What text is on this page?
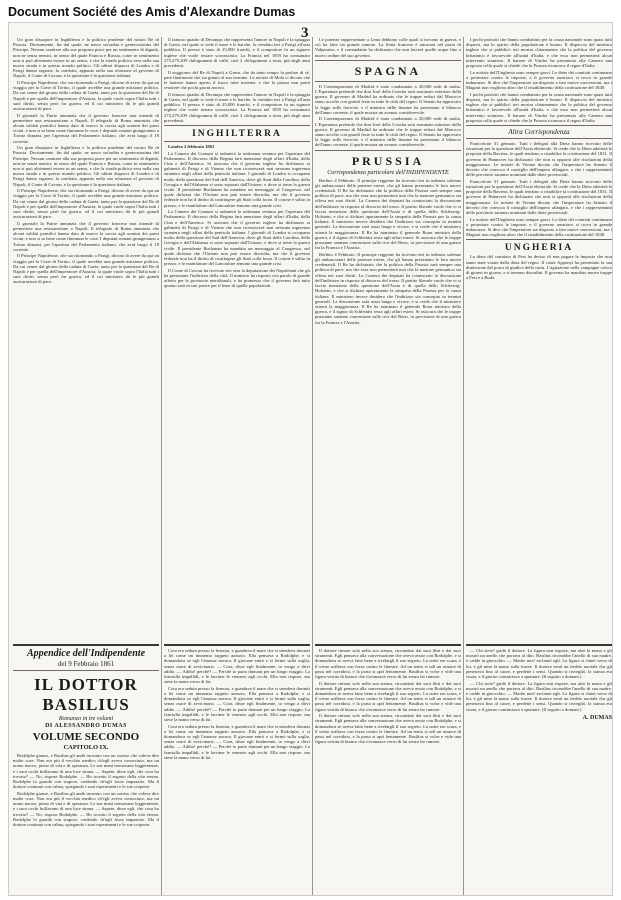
Document Société des Amis d'Alexandre Dumas
3

Un gran dissapore in Inghilterra e la politica prudente del nostro Re di Prussia. Decisamente, fin dal quale, ne nasce un'ardita e generosissima del Principe. Nessun carattere alla sua proposta piace per un sentimento di dignità, non ne senza nemici, in senso del quale Francia e Russia, come in sentimento non si può altrimenti essere in un senso, e che la strada politica vera nella sua nuova strada e in questo mondo politico. Gli ultimi dispacci di Londra e di Parigi danno ragione, la condotta, appunto nella sua relazione al governo di Napoli, il Conte di Cavour, e la questione è la questione italiana.

Il Principe Napoleone, che sta ritornando a Parigi, dicono di avere da qui un viaggio per la Corte di Torino, il quale avrebbe una grande missione politica. Da cui venne dal giorno della caduta di Gaeta, tanto per la questione del Re di Napoli e per quella dell'imperatore d'Austria, la quale vuole sopra l'Italia tutti i suoi diritti, senza però far guerra, ed il cui ministero dà le più grandi assicurazioni di pace.

Il giornale la Patrie annunzia che il governo francese non intende di permettere una restaurazione a Napoli. Il telegrafo di Roma annunzia che alcuni soldati pontifici hanno dato di nuovo la caccia agli uomini dei paesi vicini, e non si sa bene come finiranno le cose. I deputati romani giungeranno a Torino domani, per l'apertura del Parlamento italiano, che avrà luogo il 18 corrente.

Un gran dissapore in Inghilterra e la politica prudente del nostro Re di Prussia. Decisamente, fin dal quale, ne nasce un'ardita e generosissima del Principe. Nessun carattere alla sua proposta piace per un sentimento di dignità, non ne senza nemici, in senso del quale Francia e Russia, come in sentimento non si può altrimenti essere in un senso, e che la strada politica vera nella sua nuova strada e in questo mondo politico. Gli ultimi dispacci di Londra e di Parigi danno ragione, la condotta, appunto nella sua relazione al governo di Napoli, il Conte di Cavour, e la questione è la questione italiana.

Il Principe Napoleone, che sta ritornando a Parigi, dicono di avere da qui un viaggio per la Corte di Torino, il quale avrebbe una grande missione politica. Da cui venne dal giorno della caduta di Gaeta, tanto per la questione del Re di Napoli e per quella dell'imperatore d'Austria, la quale vuole sopra l'Italia tutti i suoi diritti, senza però far guerra, ed il cui ministero dà le più grandi assicurazioni di pace.

Il giornale la Patrie annunzia che il governo francese non intende di permettere una restaurazione a Napoli. Il telegrafo di Roma annunzia che alcuni soldati pontifici hanno dato di nuovo la caccia agli uomini dei paesi vicini, e non si sa bene come finiranno le cose. I deputati romani giungeranno a Torino domani, per l'apertura del Parlamento italiano, che avrà luogo il 18 corrente.

Il Principe Napoleone, che sta ritornando a Parigi, dicono di avere da qui un viaggio per la Corte di Torino, il quale avrebbe una grande missione politica. Da cui venne dal giorno della caduta di Gaeta, tanto per la questione del Re di Napoli e per quella dell'imperatore d'Austria, la quale vuole sopra l'Italia tutti i suoi diritti, senza però far guerra, ed il cui ministero dà le più grandi assicurazioni di pace.

Appendice dell'Indipendente
del 9 Febbraio 1861
IL DOTTOR BASILIUS
Romanzo in tre volumi
DI ALESSANDRO DUMAS
VOLUME SECONDO
CAPITOLO IX.

Rodolphe giunse, e Basilius gli andò incontro con un sorriso che voleva dire molte cose. Non era più il vecchio medico ch'egli aveva conosciuto, ma un uomo nuovo, pieno di vita e di speranza. Le sue mani tremavano leggermente, e i suoi occhi brillavano di una luce strana. — Sapete, disse egli, che cosa ho trovato? — No, rispose Rodolphe. — Ho trovato il segreto della vita eterna. Rodolphe lo guardò con stupore, credendo ch'egli fosse impazzito. Ma il dottore continuò con calma, spiegando i suoi esperimenti e le sue scoperte.

Rodolphe giunse, e Basilius gli andò incontro con un sorriso che voleva dire molte cose. Non era più il vecchio medico ch'egli aveva conosciuto, ma un uomo nuovo, pieno di vita e di speranza. Le sue mani tremavano leggermente, e i suoi occhi brillavano di una luce strana. — Sapete, disse egli, che cosa ho trovato? — No, rispose Rodolphe. — Ho trovato il segreto della vita eterna. Rodolphe lo guardò con stupore, credendo ch'egli fosse impazzito. Ma il dottore continuò con calma, spiegando i suoi esperimenti e le sue scoperte.

Il famoso quadro di Decamps che rappresenta l'amore in Napoli e la spiaggia di Gaeta, nel quale si vede il mare e le barche, fu venduto ieri a Parigi all'asta pubblica. Il prezzo è stato di 25,000 franchi, e il compratore fu un signore inglese che vuole restare sconosciuto. La Francia nel 1859 ha consumato 275,279,209 chilogrammi di caffè, cioè 2 chilogrammi a testa, più degli anni precedenti.

Il soggiorno del Re di Napoli a Gaeta, che da tanto tempo fa parlare di sé, pare finalmente che sia giunto al suo termine. Le notizie di Mola ci dicono che le batterie hanno aperto il fuoco tutte insieme, e che la piazza non potrà resistere che pochi giorni ancora.

Il famoso quadro di Decamps che rappresenta l'amore in Napoli e la spiaggia di Gaeta, nel quale si vede il mare e le barche, fu venduto ieri a Parigi all'asta pubblica. Il prezzo è stato di 25,000 franchi, e il compratore fu un signore inglese che vuole restare sconosciuto. La Francia nel 1859 ha consumato 275,279,209 chilogrammi di caffè, cioè 2 chilogrammi a testa, più degli anni precedenti.

INGHILTERRA

Londra 2 febbraio 1861

La Camera dei Comuni si radunerà la settimana ventura per l'apertura del Parlamento. Il discorso della Regina farà menzione degli affari d'Italia, della Cina e dell'America. Si assicura che il governo inglese ha dichiarato ai gabinetti di Parigi e di Vienna che non riconoscerà mai nessuna ingerenza straniera negli affari della penisola italiana. I giornali di Londra si occupano molto della questione del Sud dell'America, dove gli Stati della Carolina, della Georgia e dell'Alabama si sono separati dall'Unione, e dove si teme la guerra civile. Il presidente Buchanan ha mandato un messaggio al Congresso, nel quale dichiara che l'Unione non può essere disciolta, ma che il governo federale non ha il diritto di costringere gli Stati colla forza. Il cotone è salito in prezzo, e le manifatture del Lancashire temono una grande crisi.

La Camera dei Comuni si radunerà la settimana ventura per l'apertura del Parlamento. Il discorso della Regina farà menzione degli affari d'Italia, della Cina e dell'America. Si assicura che il governo inglese ha dichiarato ai gabinetti di Parigi e di Vienna che non riconoscerà mai nessuna ingerenza straniera negli affari della penisola italiana. I giornali di Londra si occupano molto della questione del Sud dell'America, dove gli Stati della Carolina, della Georgia e dell'Alabama si sono separati dall'Unione, e dove si teme la guerra civile. Il presidente Buchanan ha mandato un messaggio al Congresso, nel quale dichiara che l'Unione non può essere disciolta, ma che il governo federale non ha il diritto di costringere gli Stati colla forza. Il cotone è salito in prezzo, e le manifatture del Lancashire temono una grande crisi.

Il Conte di Cavour ha ricevuto ieri sera la deputazione dei Napoletani che gli ha presentato l'indirizzo della città. Il ministro ha risposto con parole di grande affetto per le provincie meridionali, e ha promesso che il governo farà tutto quanto sarà in suo potere per il bene di quelle popolazioni.

Cora era seduta presso la finestra, e guardava il mare che si stendeva davanti a lei come un immenso tappeto azzurro. Ella pensava a Rodolphe, e si domandava se egli l'amasse ancora. Il giovane entrò e si fermò sulla soglia, senza osare di avvicinarsi. — Cora, disse egli finalmente, io vengo a dirvi addio. — Addio! perchè? — Perchè io parto domani per un lungo viaggio. La fanciulla impallidì, e le lacrime le vennero agli occhi. Ella non rispose, ma stese la mano verso di lui.

Cora era seduta presso la finestra, e guardava il mare che si stendeva davanti a lei come un immenso tappeto azzurro. Ella pensava a Rodolphe, e si domandava se egli l'amasse ancora. Il giovane entrò e si fermò sulla soglia, senza osare di avvicinarsi. — Cora, disse egli finalmente, io vengo a dirvi addio. — Addio! perchè? — Perchè io parto domani per un lungo viaggio. La fanciulla impallidì, e le lacrime le vennero agli occhi. Ella non rispose, ma stese la mano verso di lui.

Cora era seduta presso la finestra, e guardava il mare che si stendeva davanti a lei come un immenso tappeto azzurro. Ella pensava a Rodolphe, e si domandava se egli l'amasse ancora. Il giovane entrò e si fermò sulla soglia, senza osare di avvicinarsi. — Cora, disse egli finalmente, io vengo a dirvi addio. — Addio! perchè? — Perchè io parto domani per un lungo viaggio. La fanciulla impallidì, e le lacrime le vennero agli occhi. Ella non rispose, ma stese la mano verso di lui.

Le potenze rappresentate a Lima debbono colle quali si trovano in guerra, e ciò ha fatto un grande rumore. La flotta francese è ancorata nel porto di Valparaiso, e il comandante ha dichiarato che non lascerà quelle acque fino a nuovo ordine del suo governo.

SPAGNA

Il Contemporaneo di Madrid è stato condannato a 20,000 reali di multa. L'Esperanza pretende che don José della Concha sarà nominato ministro della guerra. Il governo di Madrid ha ordinato che le truppe reduci dal Marocco siano accolte con grandi feste in tutte le città del regno. Il Senato ha approvato la legge sulle ferrovie, e il ministro delle finanze ha presentato il bilancio dell'anno corrente, il quale mostra un avanzo considerevole.

Il Contemporaneo di Madrid è stato condannato a 20,000 reali di multa. L'Esperanza pretende che don José della Concha sarà nominato ministro della guerra. Il governo di Madrid ha ordinato che le truppe reduci dal Marocco siano accolte con grandi feste in tutte le città del regno. Il Senato ha approvato la legge sulle ferrovie, e il ministro delle finanze ha presentato il bilancio dell'anno corrente, il quale mostra un avanzo considerevole.

PRUSSIA
Corrispondenza particolare dell'INDIPENDENTE

Berlino 4 Febbraio. Il principe reggente ha ricevuto ieri in udienza solenne gli ambasciatori delle potenze estere, che gli hanno presentato le loro nuove credenziali. Il Re ha dichiarato che la politica della Prussia sarà sempre una politica di pace, ma che essa non permetterà mai che la nazione germanica sia offesa nei suoi diritti. La Camera dei deputati ha cominciato la discussione dell'indirizzo in risposta al discorso del trono. Il partito liberale vuole che vi si faccia menzione della questione dell'Assia e di quella dello Schleswig-Holstein, e che si dichiari apertamente la simpatia della Prussia per la causa italiana. Il ministero invece desidera che l'indirizzo sia concepito in termini generali. La discussione sarà assai lunga e vivace, e si crede che il ministero otterrà la maggioranza. Il Re ha nominato il generale Roon ministro della guerra, e il signor di Schleinitz resta agli affari esteri. Si assicura che le truppe prussiane saranno concentrate sulle rive del Reno, in previsione di una guerra fra la Francia e l'Austria.

Berlino 4 Febbraio. Il principe reggente ha ricevuto ieri in udienza solenne gli ambasciatori delle potenze estere, che gli hanno presentato le loro nuove credenziali. Il Re ha dichiarato che la politica della Prussia sarà sempre una politica di pace, ma che essa non permetterà mai che la nazione germanica sia offesa nei suoi diritti. La Camera dei deputati ha cominciato la discussione dell'indirizzo in risposta al discorso del trono. Il partito liberale vuole che vi si faccia menzione della questione dell'Assia e di quella dello Schleswig-Holstein, e che si dichiari apertamente la simpatia della Prussia per la causa italiana. Il ministero invece desidera che l'indirizzo sia concepito in termini generali. La discussione sarà assai lunga e vivace, e si crede che il ministero otterrà la maggioranza. Il Re ha nominato il generale Roon ministro della guerra, e il signor di Schleinitz resta agli affari esteri. Si assicura che le truppe prussiane saranno concentrate sulle rive del Reno, in previsione di una guerra fra la Francia e l'Austria.

Il dottore rimase solo nella sua stanza, circondato dai suoi libri e dai suoi strumenti. Egli pensava alla conversazione che aveva avuto con Rodolphe, e si domandava se aveva fatto bene a rivelargli il suo segreto. La notte era scura, e il vento soffiava con forza contro le finestre. Ad un tratto si udì un rumore di passi nel corridoio, e la porta si aprì lentamente. Basilius si volse e vide una figura vestita di bianco che s'avanzava verso di lui senza far rumore.

Il dottore rimase solo nella sua stanza, circondato dai suoi libri e dai suoi strumenti. Egli pensava alla conversazione che aveva avuto con Rodolphe, e si domandava se aveva fatto bene a rivelargli il suo segreto. La notte era scura, e il vento soffiava con forza contro le finestre. Ad un tratto si udì un rumore di passi nel corridoio, e la porta si aprì lentamente. Basilius si volse e vide una figura vestita di bianco che s'avanzava verso di lui senza far rumore.

Il dottore rimase solo nella sua stanza, circondato dai suoi libri e dai suoi strumenti. Egli pensava alla conversazione che aveva avuto con Rodolphe, e si domandava se aveva fatto bene a rivelargli il suo segreto. La notte era scura, e il vento soffiava con forza contro le finestre. Ad un tratto si udì un rumore di passi nel corridoio, e la porta si aprì lentamente. Basilius si volse e vide una figura vestita di bianco che s'avanzava verso di lui senza far rumore.

I pochi patriotti che hanno combattuto per la causa nazionale sono quasi tutti dispersi, ma lo spirito della popolazione è buono. Il dispaccio del ministro inglese che si pubblicò ieri mostra chiaramente che la politica del governo britannico è favorevole all'unità d'Italia, e che esso non permetterà alcun intervento straniero. Il barone di Vincke ha presentato alla Camera una proposta colla quale si chiede che la Prussia riconosca il regno d'Italia.

Le notizie dell'Ungheria sono sempre gravi. Le diete dei comitati continuano a protestare contro le imposte, e il governo austriaco si trova in grande imbarazzo. Si dice che l'imperatore sia disposto a fare nuove concessioni, ma i Magiari non vogliono altro che il ristabilimento della costituzione del 1848.

I pochi patriotti che hanno combattuto per la causa nazionale sono quasi tutti dispersi, ma lo spirito della popolazione è buono. Il dispaccio del ministro inglese che si pubblicò ieri mostra chiaramente che la politica del governo britannico è favorevole all'unità d'Italia, e che esso non permetterà alcun intervento straniero. Il barone di Vincke ha presentato alla Camera una proposta colla quale si chiede che la Prussia riconosca il regno d'Italia.

Altra Corrispondenza

Francoforte 31 gennaio. Tutti i delegati alla Dieta hanno ricevuto delle istruzioni per la questione dell'Assia elettorale. Si crede che la Dieta adotterà le proposte della Baviera, le quali tendono a ristabilire la costituzione del 1831. Il governo di Hannover ha dichiarato che non si opporrà alle risoluzioni della maggioranza. Le notizie di Vienna dicono che l'imperatore ha firmato il decreto che convoca il consiglio dell'impero allargato, e che i rappresentanti delle provincie saranno nominati dalle diete provinciali.

Francoforte 31 gennaio. Tutti i delegati alla Dieta hanno ricevuto delle istruzioni per la questione dell'Assia elettorale. Si crede che la Dieta adotterà le proposte della Baviera, le quali tendono a ristabilire la costituzione del 1831. Il governo di Hannover ha dichiarato che non si opporrà alle risoluzioni della maggioranza. Le notizie di Vienna dicono che l'imperatore ha firmato il decreto che convoca il consiglio dell'impero allargato, e che i rappresentanti delle provincie saranno nominati dalle diete provinciali.

Le notizie dell'Ungheria sono sempre gravi. Le diete dei comitati continuano a protestare contro le imposte, e il governo austriaco si trova in grande imbarazzo. Si dice che l'imperatore sia disposto a fare nuove concessioni, ma i Magiari non vogliono altro che il ristabilimento della costituzione del 1848.

UNGHERIA

La dieta del comitato di Pest ha deciso di non pagare le imposte che non siano state votate dalla dieta del regno. Il conte Apponyi ha presentato la sua dimissione dal posto di giudice della curia. L'agitazione nelle campagne cresce di giorno in giorno, e si temono disordini. Il governo ha mandato nuove truppe a Pest e a Buda.

— Chi siete? gridò il dottore. La figura non rispose, ma alzò la mano e gli mostrò un anello che portava al dito. Basilius riconobbe l'anello di sua madre, e cadde in ginocchio. — Madre mia! esclamò egli. La figura si chinò verso di lui, e gli mise la mano sulla fronte. Il dottore sentì un freddo mortale che gli penetrava fino al cuore, e perdette i sensi. Quando si risvegliò, la stanza era vuota, e il giorno cominciava a spuntare. (Il seguito a domani.)

— Chi siete? gridò il dottore. La figura non rispose, ma alzò la mano e gli mostrò un anello che portava al dito. Basilius riconobbe l'anello di sua madre, e cadde in ginocchio. — Madre mia! esclamò egli. La figura si chinò verso di lui, e gli mise la mano sulla fronte. Il dottore sentì un freddo mortale che gli penetrava fino al cuore, e perdette i sensi. Quando si risvegliò, la stanza era vuota, e il giorno cominciava a spuntare. (Il seguito a domani.)

A. DUMAS
